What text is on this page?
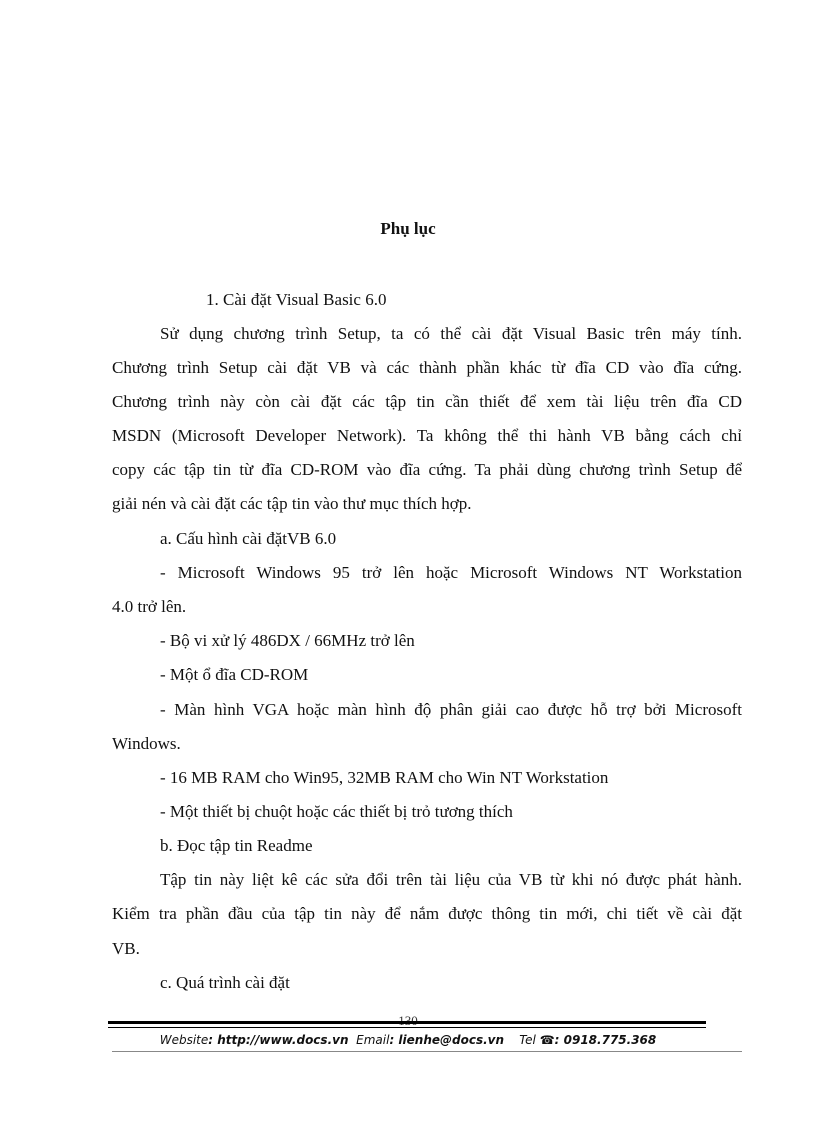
Phụ lục
1. Cài đặt Visual Basic 6.0
Sử dụng chương trình Setup, ta có thể cài đặt Visual Basic trên máy tính.
Chương trình Setup cài đặt VB và các thành phần khác từ đĩa CD vào đĩa cứng.
Chương trình này còn cài đặt các tập tin cần thiết để xem tài liệu trên đĩa CD
MSDN (Microsoft Developer Network). Ta không thể thi hành VB bằng cách chỉ
copy các tập tin từ đĩa CD-ROM vào đĩa cứng. Ta phải dùng chương trình Setup để
giải nén và cài đặt các tập tin vào thư mục thích hợp.
a. Cấu hình cài đặtVB 6.0
- Microsoft Windows 95 trở lên hoặc Microsoft Windows NT Workstation
4.0 trở lên.
- Bộ vi xử lý 486DX / 66MHz trở lên
- Một ổ đĩa CD-ROM
- Màn hình VGA hoặc màn hình độ phân giải cao được hỗ trợ bởi Microsoft
Windows.
- 16 MB RAM cho Win95, 32MB RAM cho Win NT Workstation
- Một thiết bị chuột hoặc các thiết bị trỏ tương thích
b. Đọc tập tin Readme
Tập tin này liệt kê các sửa đổi trên tài liệu của VB từ khi nó được phát hành.
Kiểm tra phần đầu của tập tin này để nắm được thông tin mới, chi tiết về cài đặt
VB.
c. Quá trình cài đặt
Website: http://www.docs.vn Email: lienhe@docs.vn Tel ☎: 0918.775.368
